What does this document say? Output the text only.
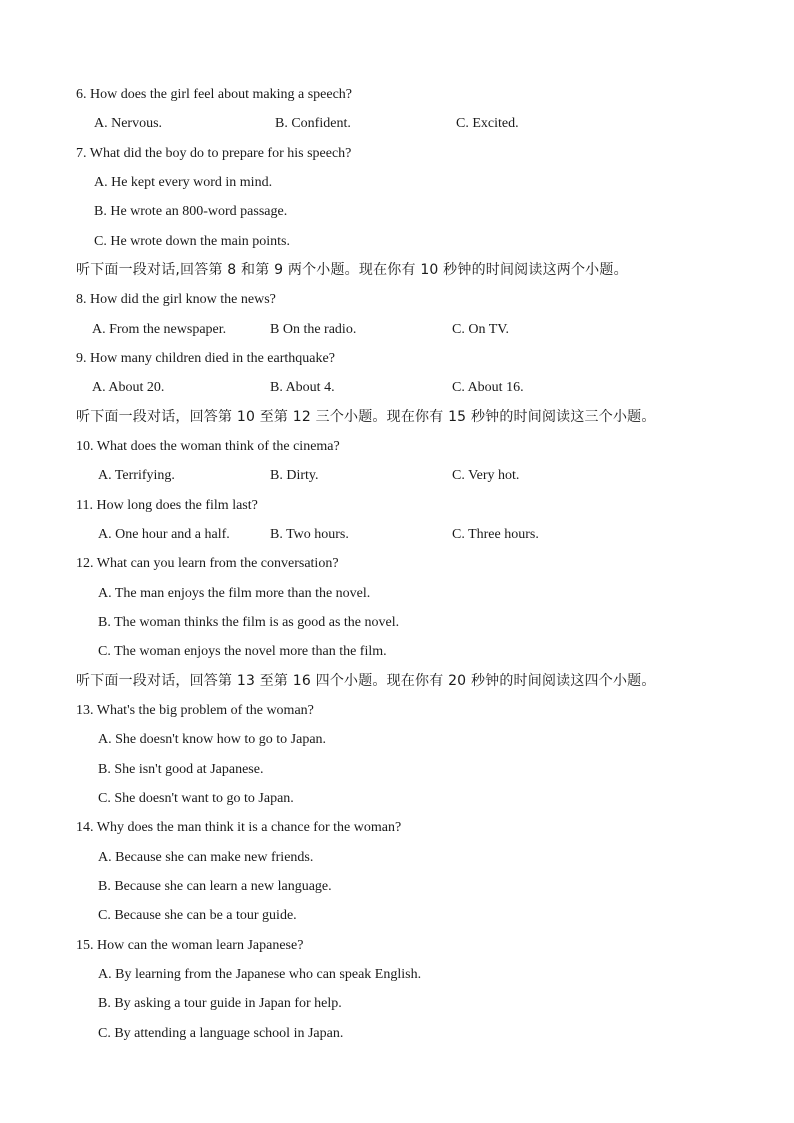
6. How does the girl feel about making a speech?
A. Nervous.	B. Confident.	C. Excited.
7. What did the boy do to prepare for his speech?
A. He kept every word in mind.
B. He wrote an 800-word passage.
C. He wrote down the main points.
听下面一段对话,回答第 8 和第 9 两个小题。现在你有 10 秒钟的时间阅读这两个小题。
8. How did the girl know the news?
A. From the newspaper.	B On the radio.	C. On TV.
9. How many children died in the earthquake?
A. About 20.	B. About 4.	C. About 16.
听下面一段对话，回答第 10 至第 12 三个小题。现在你有 15 秒钟的时间阅读这三个小题。
10. What does the woman think of the cinema?
A. Terrifying.	B. Dirty.	C. Very hot.
11. How long does the film last?
A. One hour and a half.	B. Two hours.	C. Three hours.
12. What can you learn from the conversation?
A. The man enjoys the film more than the novel.
B. The woman thinks the film is as good as the novel.
C. The woman enjoys the novel more than the film.
听下面一段对话，回答第 13 至第 16 四个小题。现在你有 20 秒钟的时间阅读这四个小题。
13. What's the big problem of the woman?
A. She doesn't know how to go to Japan.
B. She isn't good at Japanese.
C. She doesn't want to go to Japan.
14. Why does the man think it is a chance for the woman?
A. Because she can make new friends.
B. Because she can learn a new language.
C. Because she can be a tour guide.
15. How can the woman learn Japanese?
A. By learning from the Japanese who can speak English.
B. By asking a tour guide in Japan for help.
C. By attending a language school in Japan.
